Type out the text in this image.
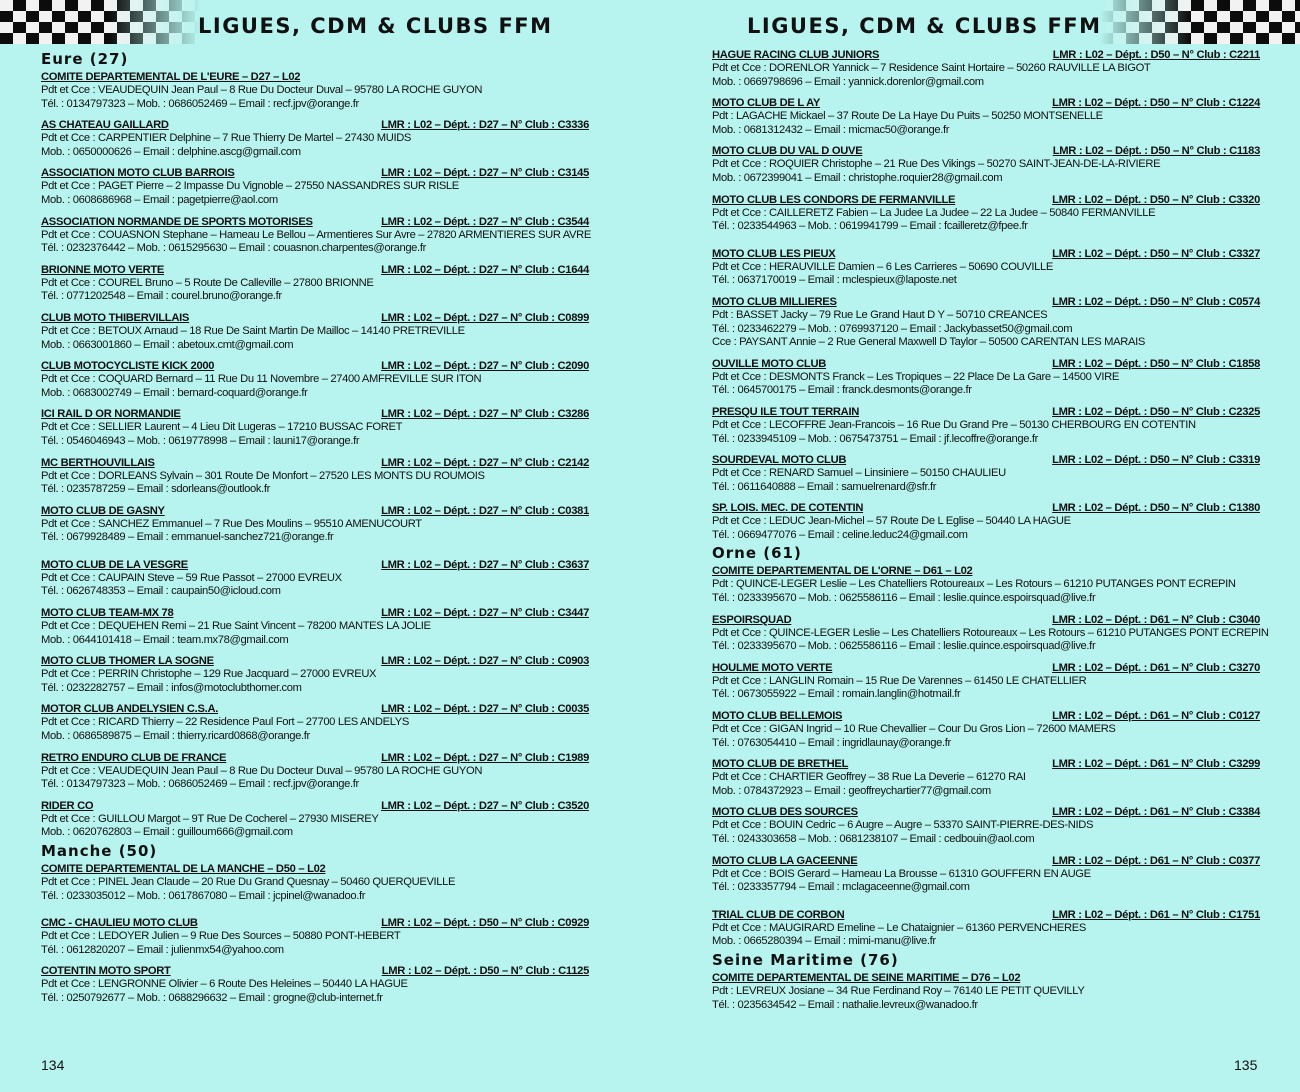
LIGUES, CDM & CLUBS FFM
Eure (27)
COMITE DEPARTEMENTAL DE L'EURE – D27 – L02
Pdt et Cce : VEAUDEQUIN Jean Paul – 8 Rue Du Docteur Duval – 95780 LA ROCHE GUYON
Tél. : 0134797323 – Mob. : 0686052469 – Email : recf.jpv@orange.fr
AS CHATEAU GAILLARD	LMR : L02 – Dépt. : D27 – N° Club : C3336
Pdt et Cce : CARPENTIER Delphine – 7 Rue Thierry De Martel – 27430 MUIDS
Mob. : 0650000626 – Email : delphine.ascg@gmail.com
ASSOCIATION MOTO CLUB BARROIS	LMR : L02 – Dépt. : D27 – N° Club : C3145
Pdt et Cce : PAGET Pierre – 2 Impasse Du Vignoble – 27550 NASSANDRES SUR RISLE
Mob. : 0608686968 – Email : pagetpierre@aol.com
ASSOCIATION NORMANDE DE SPORTS MOTORISES	LMR : L02 – Dépt. : D27 – N° Club : C3544
Pdt et Cce : COUASNON Stephane – Hameau Le Bellou – Armentieres Sur Avre – 27820 ARMENTIERES SUR AVRE
Tél. : 0232376442 – Mob. : 0615295630 – Email : couasnon.charpentes@orange.fr
BRIONNE MOTO VERTE	LMR : L02 – Dépt. : D27 – N° Club : C1644
Pdt et Cce : COUREL Bruno – 5 Route De Calleville – 27800 BRIONNE
Tél. : 0771202548 – Email : courel.bruno@orange.fr
CLUB MOTO THIBERVILLAIS	LMR : L02 – Dépt. : D27 – N° Club : C0899
Pdt et Cce : BETOUX Arnaud – 18 Rue De Saint Martin De Mailloc – 14140 PRETREVILLE
Mob. : 0663001860 – Email : abetoux.cmt@gmail.com
CLUB MOTOCYCLISTE KICK 2000	LMR : L02 – Dépt. : D27 – N° Club : C2090
Pdt et Cce : COQUARD Bernard – 11 Rue Du 11 Novembre – 27400 AMFREVILLE SUR ITON
Mob. : 0683002749 – Email : bernard-coquard@orange.fr
ICI RAIL D OR NORMANDIE	LMR : L02 – Dépt. : D27 – N° Club : C3286
Pdt et Cce : SELLIER Laurent – 4 Lieu Dit Lugeras – 17210 BUSSAC FORET
Tél. : 0546046943 – Mob. : 0619778998 – Email : launi17@orange.fr
MC BERTHOUVILLAIS	LMR : L02 – Dépt. : D27 – N° Club : C2142
Pdt et Cce : DORLEANS Sylvain – 301 Route De Monfort – 27520 LES MONTS DU ROUMOIS
Tél. : 0235787259 – Email : sdorleans@outlook.fr
MOTO CLUB DE GASNY	LMR : L02 – Dépt. : D27 – N° Club : C0381
Pdt et Cce : SANCHEZ Emmanuel – 7 Rue Des Moulins – 95510 AMENUCOURT
Tél. : 0679928489 – Email : emmanuel-sanchez721@orange.fr
MOTO CLUB DE LA VESGRE	LMR : L02 – Dépt. : D27 – N° Club : C3637
Pdt et Cce : CAUPAIN Steve – 59 Rue Passot – 27000 EVREUX
Tél. : 0626748353 – Email : caupain50@icloud.com
MOTO CLUB TEAM-MX 78	LMR : L02 – Dépt. : D27 – N° Club : C3447
Pdt et Cce : DEQUEHEN Remi – 21 Rue Saint Vincent – 78200 MANTES LA JOLIE
Mob. : 0644101418 – Email : team.mx78@gmail.com
MOTO CLUB THOMER LA SOGNE	LMR : L02 – Dépt. : D27 – N° Club : C0903
Pdt et Cce : PERRIN Christophe – 129 Rue Jacquard – 27000 EVREUX
Tél. : 0232282757 – Email : infos@motoclubthomer.com
MOTOR CLUB ANDELYSIEN C.S.A.	LMR : L02 – Dépt. : D27 – N° Club : C0035
Pdt et Cce : RICARD Thierry – 22 Residence Paul Fort – 27700 LES ANDELYS
Mob. : 0686589875 – Email : thierry.ricard0868@orange.fr
RETRO ENDURO CLUB DE FRANCE	LMR : L02 – Dépt. : D27 – N° Club : C1989
Pdt et Cce : VEAUDEQUIN Jean Paul – 8 Rue Du Docteur Duval – 95780 LA ROCHE GUYON
Tél. : 0134797323 – Mob. : 0686052469 – Email : recf.jpv@orange.fr
RIDER CO	LMR : L02 – Dépt. : D27 – N° Club : C3520
Pdt et Cce : GUILLOU Margot – 9T Rue De Cocherel – 27930 MISEREY
Mob. : 0620762803 – Email : guilloum666@gmail.com
Manche (50)
COMITE DEPARTEMENTAL DE LA MANCHE – D50 – L02
Pdt et Cce : PINEL Jean Claude – 20 Rue Du Grand Quesnay – 50460 QUERQUEVILLE
Tél. : 0233035012 – Mob. : 0617867080 – Email : jcpinel@wanadoo.fr
CMC - CHAULIEU MOTO CLUB	LMR : L02 – Dépt. : D50 – N° Club : C0929
Pdt et Cce : LEDOYER Julien – 9 Rue Des Sources – 50880 PONT-HEBERT
Tél. : 0612820207 – Email : julienmx54@yahoo.com
COTENTIN MOTO SPORT	LMR : L02 – Dépt. : D50 – N° Club : C1125
Pdt et Cce : LENGRONNE Olivier – 6 Route Des Heleines – 50440 LA HAGUE
Tél. : 0250792677 – Mob. : 0688296632 – Email : grogne@club-internet.fr
134
LIGUES, CDM & CLUBS FFM
HAGUE RACING CLUB JUNIORS	LMR : L02 – Dépt. : D50 – N° Club : C2211
Pdt et Cce : DORENLOR Yannick – 7 Residence Saint Hortaire – 50260 RAUVILLE LA BIGOT
Mob. : 0669798696 – Email : yannick.dorenlor@gmail.com
MOTO CLUB DE L AY	LMR : L02 – Dépt. : D50 – N° Club : C1224
Pdt : LAGACHE Mickael – 37 Route De La Haye Du Puits – 50250 MONTSENELLE
Mob. : 0681312432 – Email : micmac50@orange.fr
MOTO CLUB DU VAL D OUVE	LMR : L02 – Dépt. : D50 – N° Club : C1183
Pdt et Cce : ROQUIER Christophe – 21 Rue Des Vikings – 50270 SAINT-JEAN-DE-LA-RIVIERE
Mob. : 0672399041 – Email : christophe.roquier28@gmail.com
MOTO CLUB LES CONDORS DE FERMANVILLE	LMR : L02 – Dépt. : D50 – N° Club : C3320
Pdt et Cce : CAILLERETZ Fabien – La Judee La Judee – 22 La Judee – 50840 FERMANVILLE
Tél. : 0233544963 – Mob. : 0619941799 – Email : fcailleretz@fpee.fr
MOTO CLUB LES PIEUX	LMR : L02 – Dépt. : D50 – N° Club : C3327
Pdt et Cce : HERAUVILLE Damien – 6 Les Carrieres – 50690 COUVILLE
Tél. : 0637170019 – Email : mclespieux@laposte.net
MOTO CLUB MILLIERES	LMR : L02 – Dépt. : D50 – N° Club : C0574
Pdt : BASSET Jacky – 79 Rue Le Grand Haut D Y – 50710 CREANCES
Tél. : 0233462279 – Mob. : 0769937120 – Email : Jackybasset50@gmail.com
Cce : PAYSANT Annie – 2 Rue General Maxwell D Taylor – 50500 CARENTAN LES MARAIS
OUVILLE MOTO CLUB	LMR : L02 – Dépt. : D50 – N° Club : C1858
Pdt et Cce : DESMONTS Franck – Les Tropiques – 22 Place De La Gare – 14500 VIRE
Tél. : 0645700175 – Email : franck.desmonts@orange.fr
PRESQU ILE TOUT TERRAIN	LMR : L02 – Dépt. : D50 – N° Club : C2325
Pdt et Cce : LECOFFRE Jean-Francois – 16 Rue Du Grand Pre – 50130 CHERBOURG EN COTENTIN
Tél. : 0233945109 – Mob. : 0675473751 – Email : jf.lecoffre@orange.fr
SOURDEVAL MOTO CLUB	LMR : L02 – Dépt. : D50 – N° Club : C3319
Pdt et Cce : RENARD Samuel – Linsiniere – 50150 CHAULIEU
Tél. : 0611640888 – Email : samuelrenard@sfr.fr
SP. LOIS. MEC. DE COTENTIN	LMR : L02 – Dépt. : D50 – N° Club : C1380
Pdt et Cce : LEDUC Jean-Michel – 57 Route De L Eglise – 50440 LA HAGUE
Tél. : 0669477076 – Email : celine.leduc24@gmail.com
Orne (61)
COMITE DEPARTEMENTAL DE L'ORNE – D61 – L02
Pdt : QUINCE-LEGER Leslie – Les Chatelliers Rotoureaux – Les Rotours – 61210 PUTANGES PONT ECREPIN
Tél. : 0233395670 – Mob. : 0625586116 – Email : leslie.quince.espoirsquad@live.fr
ESPOIRSQUAD	LMR : L02 – Dépt. : D61 – N° Club : C3040
Pdt et Cce : QUINCE-LEGER Leslie – Les Chatelliers Rotoureaux – Les Rotours – 61210 PUTANGES PONT ECREPIN
Tél. : 0233395670 – Mob. : 0625586116 – Email : leslie.quince.espoirsquad@live.fr
HOULME MOTO VERTE	LMR : L02 – Dépt. : D61 – N° Club : C3270
Pdt et Cce : LANGLIN Romain – 15 Rue De Varennes – 61450 LE CHATELLIER
Tél. : 0673055922 – Email : romain.langlin@hotmail.fr
MOTO CLUB BELLEMOIS	LMR : L02 – Dépt. : D61 – N° Club : C0127
Pdt et Cce : GIGAN Ingrid – 10 Rue Chevallier – Cour Du Gros Lion – 72600 MAMERS
Tél. : 0763054410 – Email : ingridlaunay@orange.fr
MOTO CLUB DE BRETHEL	LMR : L02 – Dépt. : D61 – N° Club : C3299
Pdt et Cce : CHARTIER Geoffrey – 38 Rue La Deverie – 61270 RAI
Mob. : 0784372923 – Email : geoffreychartier77@gmail.com
MOTO CLUB DES SOURCES	LMR : L02 – Dépt. : D61 – N° Club : C3384
Pdt et Cce : BOUIN Cedric – 6 Augre – Augre – 53370 SAINT-PIERRE-DES-NIDS
Tél. : 0243303658 – Mob. : 0681238107 – Email : cedbouin@aol.com
MOTO CLUB LA GACEENNE	LMR : L02 – Dépt. : D61 – N° Club : C0377
Pdt et Cce : BOIS Gerard – Hameau La Brousse – 61310 GOUFFERN EN AUGE
Tél. : 0233357794 – Email : mclagaceenne@gmail.com
TRIAL CLUB DE CORBON	LMR : L02 – Dépt. : D61 – N° Club : C1751
Pdt et Cce : MAUGIRARD Emeline – Le Chataignier – 61360 PERVENCHERES
Mob. : 0665280394 – Email : mimi-manu@live.fr
Seine Maritime (76)
COMITE DEPARTEMENTAL DE SEINE MARITIME – D76 – L02
Pdt : LEVREUX Josiane – 34 Rue Ferdinand Roy – 76140 LE PETIT QUEVILLY
Tél. : 0235634542 – Email : nathalie.levreux@wanadoo.fr
135
